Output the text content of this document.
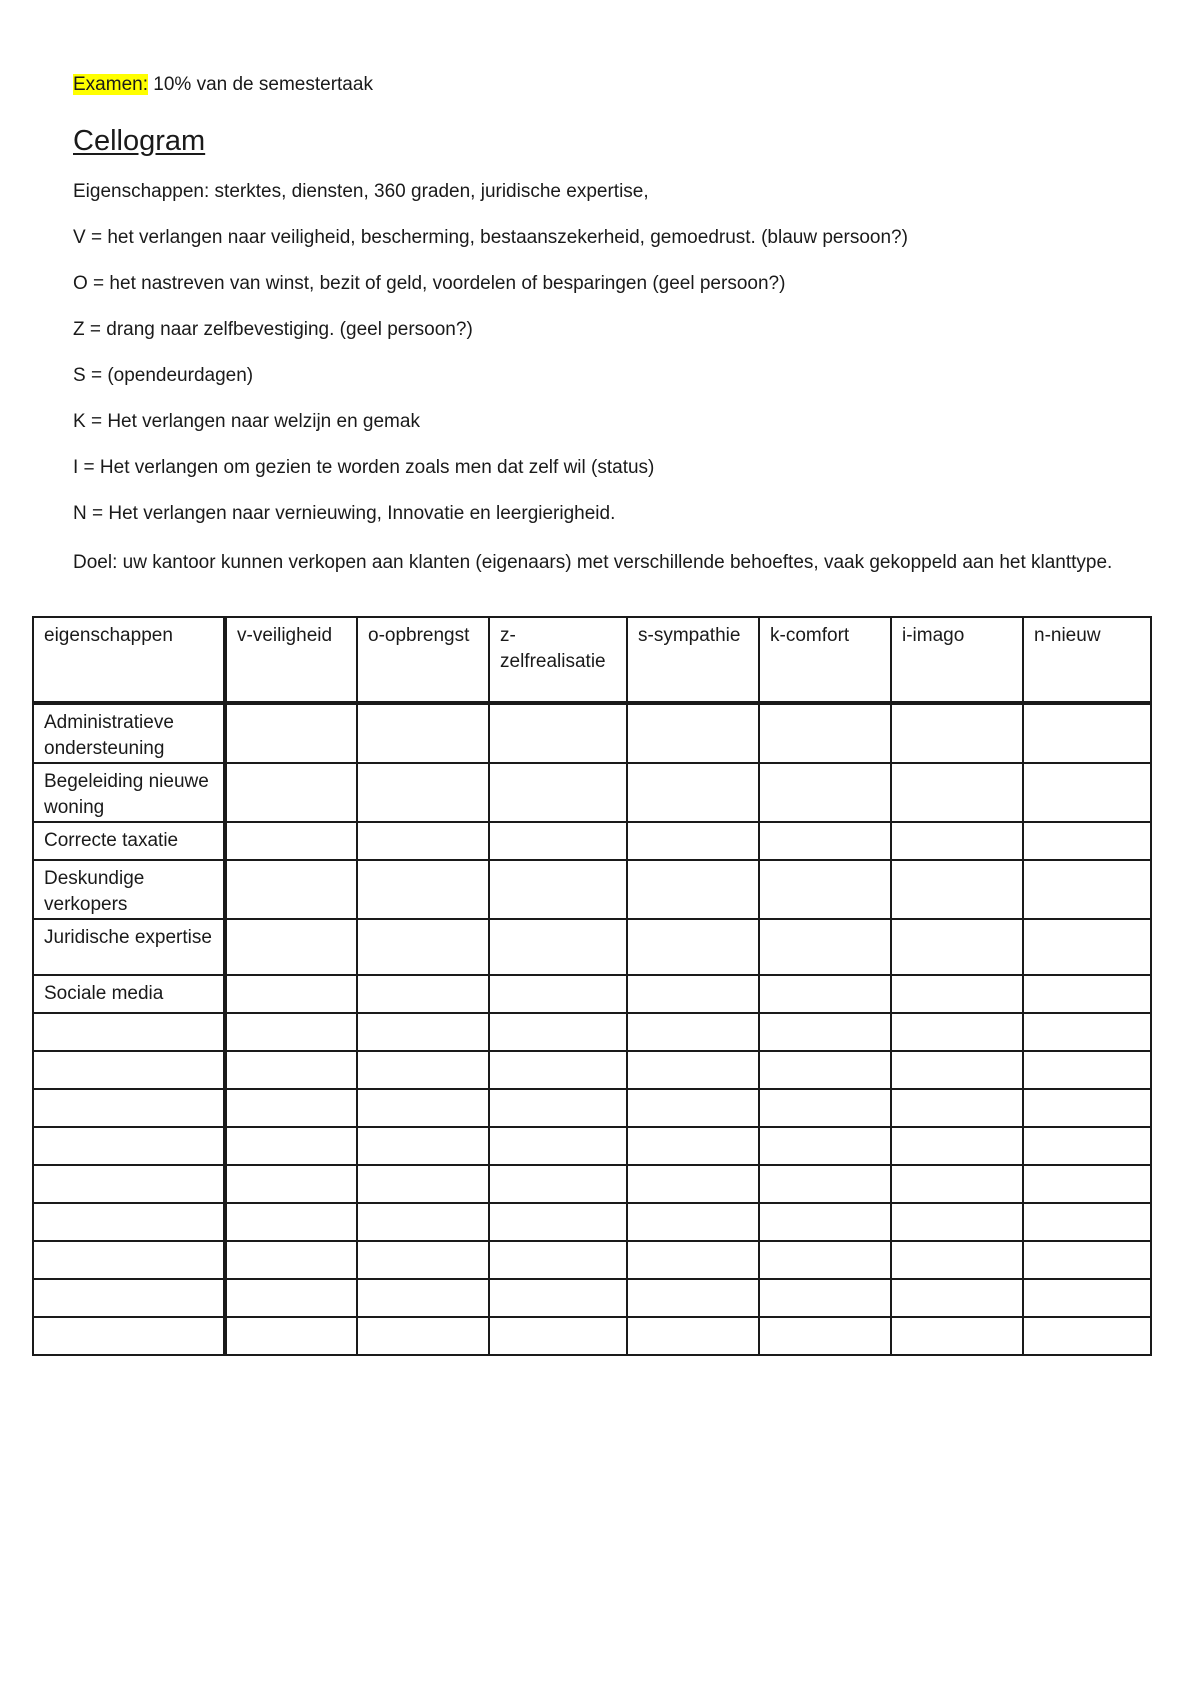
Examen: 10% van de semestertaak
Cellogram
Eigenschappen: sterktes, diensten, 360 graden, juridische expertise,
V = het verlangen naar veiligheid, bescherming, bestaanszekerheid, gemoedrust. (blauw persoon?)
O = het nastreven van winst, bezit of geld, voordelen of besparingen (geel persoon?)
Z = drang naar zelfbevestiging. (geel persoon?)
S = (opendeurdagen)
K = Het verlangen naar welzijn en gemak
I = Het verlangen om gezien te worden zoals men dat zelf wil (status)
N = Het verlangen naar vernieuwing, Innovatie en leergierigheid.
Doel: uw kantoor kunnen verkopen aan klanten (eigenaars) met verschillende behoeftes, vaak gekoppeld aan het klanttype.
eigenschappen	v-veiligheid	o-opbrengst	z-zelfrealisatie	s-sympathie	k-comfort	i-imago	n-nieuw
Administratieve ondersteuning							
Begeleiding nieuwe woning							
Correcte taxatie							
Deskundige verkopers							
Juridische expertise							
Sociale media							
